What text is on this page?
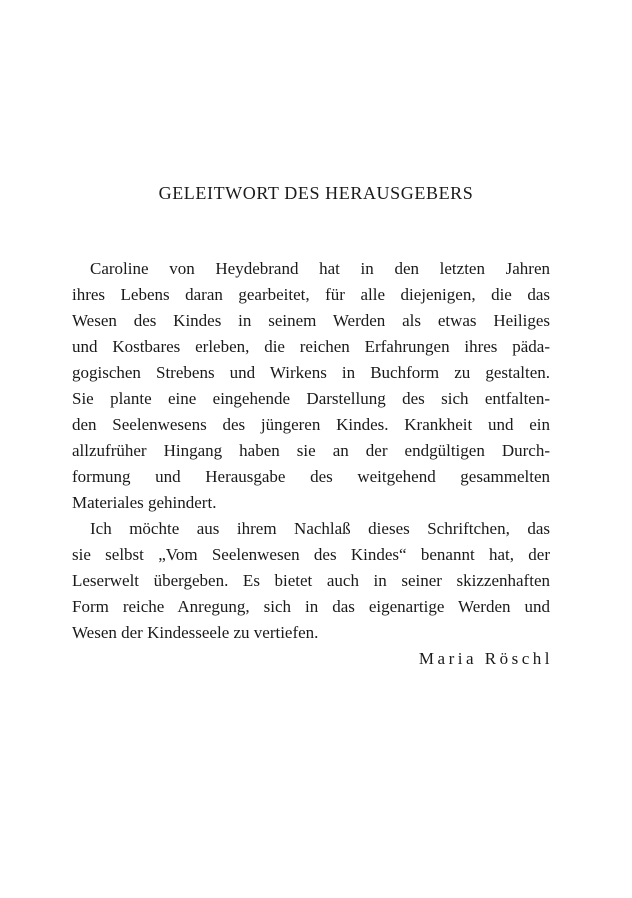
GELEITWORT DES HERAUSGEBERS
Caroline von Heydebrand hat in den letzten Jahren
ihres Lebens daran gearbeitet, für alle diejenigen, die das
Wesen des Kindes in seinem Werden als etwas Heiliges
und Kostbares erleben, die reichen Erfahrungen ihres päda-
gogischen Strebens und Wirkens in Buchform zu gestalten.
Sie plante eine eingehende Darstellung des sich entfalten-
den Seelenwesens des jüngeren Kindes. Krankheit und ein
allzufrüher Hingang haben sie an der endgültigen Durch-
formung und Herausgabe des weitgehend gesammelten
Materiales gehindert.
Ich möchte aus ihrem Nachlaß dieses Schriftchen, das
sie selbst „Vom Seelenwesen des Kindes“ benannt hat, der
Leserwelt übergeben. Es bietet auch in seiner skizzenhaften
Form reiche Anregung, sich in das eigenartige Werden und
Wesen der Kindesseele zu vertiefen.
Maria Röschl
